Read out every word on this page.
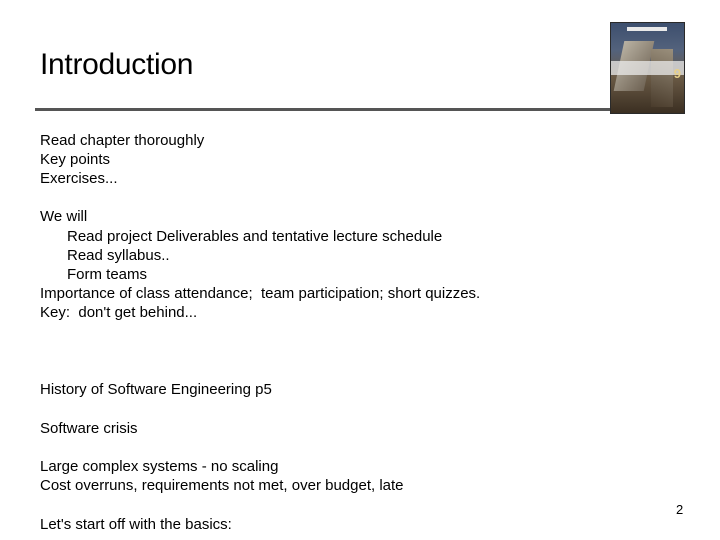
Introduction	9
Read chapter thoroughly
Key points
Exercises...
We will
Read project Deliverables and tentative lecture schedule
Read syllabus..
Form teams
Importance of class attendance;  team participation; short quizzes.
Key:  don't get behind...
History of Software Engineering p5
Software crisis
Large complex systems - no scaling
Cost overruns, requirements not met, over budget, late
Let's start off with the basics:
2
